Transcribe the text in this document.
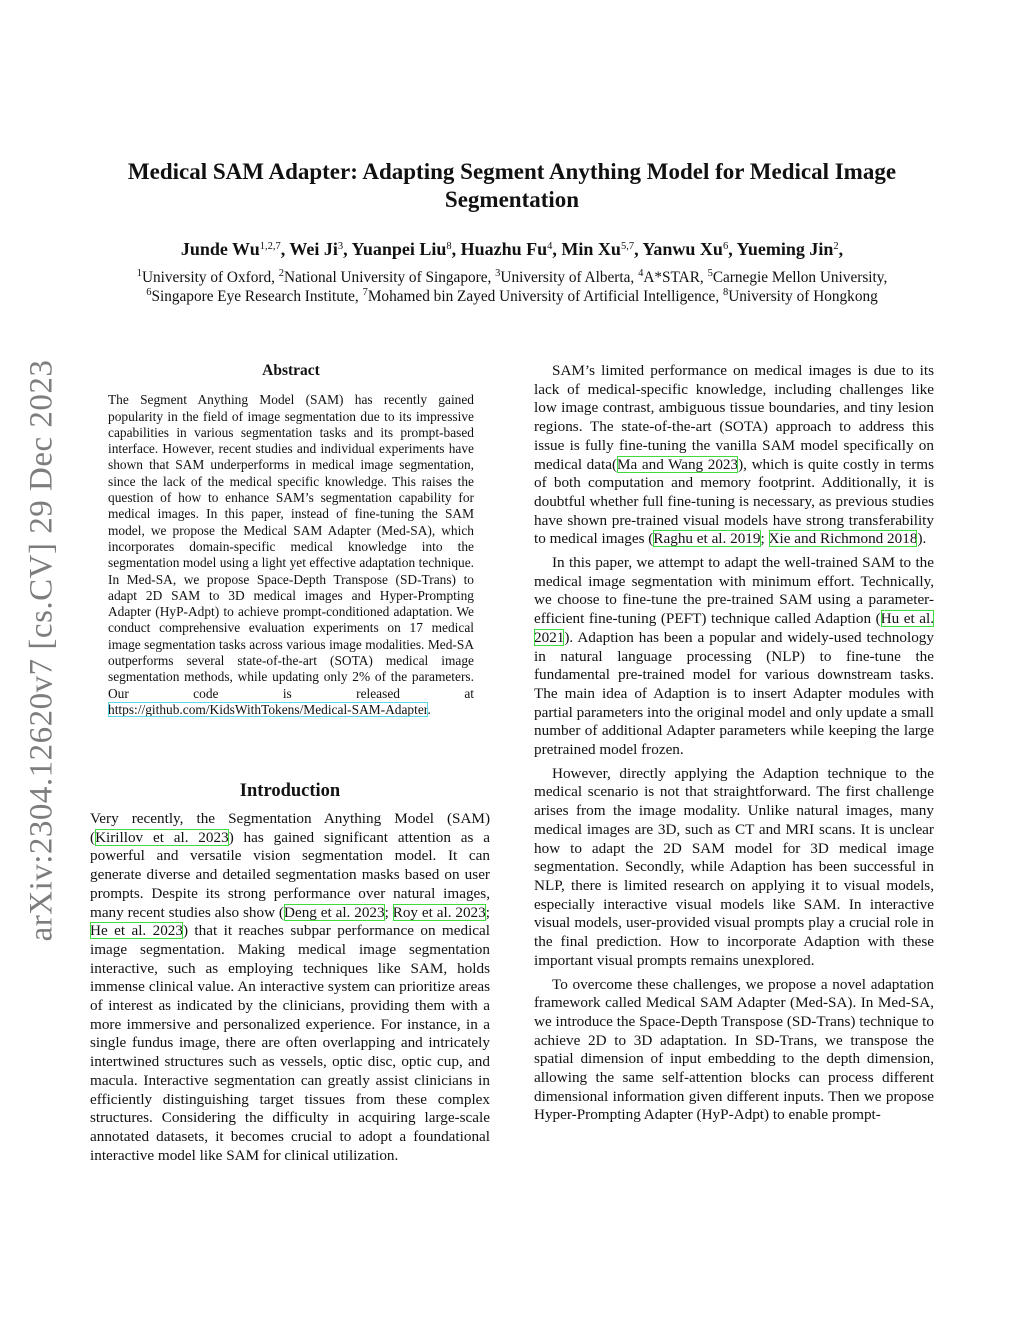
arXiv:2304.12620v7 [cs.CV] 29 Dec 2023
Medical SAM Adapter: Adapting Segment Anything Model for Medical Image Segmentation
Junde Wu$^{1,2,7}$, Wei Ji$^3$, Yuanpei Liu$^8$, Huazhu Fu$^4$, Min Xu$^{5,7}$, Yanwu Xu$^6$, Yueming Jin$^2$,
$^1$University of Oxford, $^2$National University of Singapore, $^3$University of Alberta, $^4$A*STAR, $^5$Carnegie Mellon University,
$^6$Singapore Eye Research Institute, $^7$Mohamed bin Zayed University of Artificial Intelligence, $^8$University of Hongkong
Abstract

The Segment Anything Model (SAM) has recently gained popularity in the field of image segmentation due to its impressive capabilities in various segmentation tasks and its prompt-based interface. However, recent studies and individual experiments have shown that SAM underperforms in medical image segmentation, since the lack of the medical specific knowledge. This raises the question of how to enhance SAM’s segmentation capability for medical images. In this paper, instead of fine-tuning the SAM model, we propose the Medical SAM Adapter (Med-SA), which incorporates domain-specific medical knowledge into the segmentation model using a light yet effective adaptation technique. In Med-SA, we propose Space-Depth Transpose (SD-Trans) to adapt 2D SAM to 3D medical images and Hyper-Prompting Adapter (HyP-Adpt) to achieve prompt-conditioned adaptation. We conduct comprehensive evaluation experiments on 17 medical image segmentation tasks across various image modalities. Med-SA outperforms several state-of-the-art (SOTA) medical image segmentation methods, while updating only 2% of the parameters. Our code is released at https://github.com/KidsWithTokens/Medical-SAM-Adapter.

Introduction

Very recently, the Segmentation Anything Model (SAM) (Kirillov et al. 2023) has gained significant attention as a powerful and versatile vision segmentation model. It can generate diverse and detailed segmentation masks based on user prompts. Despite its strong performance over natural images, many recent studies also show (Deng et al. 2023; Roy et al. 2023; He et al. 2023) that it reaches subpar performance on medical image segmentation. Making medical image segmentation interactive, such as employing techniques like SAM, holds immense clinical value. An interactive system can prioritize areas of interest as indicated by the clinicians, providing them with a more immersive and personalized experience. For instance, in a single fundus image, there are often overlapping and intricately intertwined structures such as vessels, optic disc, optic cup, and macula. Interactive segmentation can greatly assist clinicians in efficiently distinguishing target tissues from these complex structures. Considering the difficulty in acquiring large-scale annotated datasets, it becomes crucial to adopt a foundational interactive model like SAM for clinical utilization.

SAM’s limited performance on medical images is due to its lack of medical-specific knowledge, including challenges like low image contrast, ambiguous tissue boundaries, and tiny lesion regions. The state-of-the-art (SOTA) approach to address this issue is fully fine-tuning the vanilla SAM model specifically on medical data(Ma and Wang 2023), which is quite costly in terms of both computation and memory footprint. Additionally, it is doubtful whether full fine-tuning is necessary, as previous studies have shown pre-trained visual models have strong transferability to medical images (Raghu et al. 2019; Xie and Richmond 2018).

In this paper, we attempt to adapt the well-trained SAM to the medical image segmentation with minimum effort. Technically, we choose to fine-tune the pre-trained SAM using a parameter-efficient fine-tuning (PEFT) technique called Adaption (Hu et al. 2021). Adaption has been a popular and widely-used technology in natural language processing (NLP) to fine-tune the fundamental pre-trained model for various downstream tasks. The main idea of Adaption is to insert Adapter modules with partial parameters into the original model and only update a small number of additional Adapter parameters while keeping the large pretrained model frozen.

However, directly applying the Adaption technique to the medical scenario is not that straightforward. The first challenge arises from the image modality. Unlike natural images, many medical images are 3D, such as CT and MRI scans. It is unclear how to adapt the 2D SAM model for 3D medical image segmentation. Secondly, while Adaption has been successful in NLP, there is limited research on applying it to visual models, especially interactive visual models like SAM. In interactive visual models, user-provided visual prompts play a crucial role in the final prediction. How to incorporate Adaption with these important visual prompts remains unexplored.

To overcome these challenges, we propose a novel adaptation framework called Medical SAM Adapter (Med-SA). In Med-SA, we introduce the Space-Depth Transpose (SD-Trans) technique to achieve 2D to 3D adaptation. In SD-Trans, we transpose the spatial dimension of input embedding to the depth dimension, allowing the same self-attention blocks can process different dimensional information given different inputs. Then we propose Hyper-Prompting Adapter (HyP-Adpt) to enable prompt-
